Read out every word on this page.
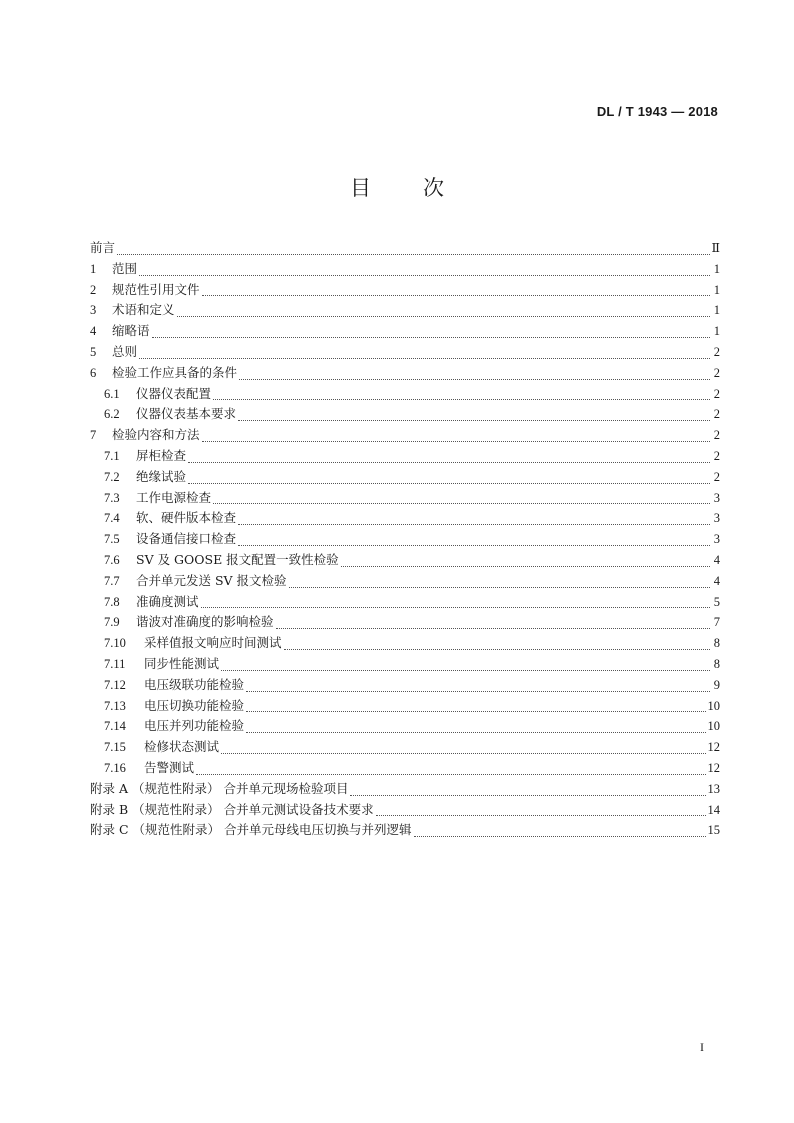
DL / T 1943 — 2018
目 次
前言	Ⅱ
1	范围	1
2	规范性引用文件	1
3	术语和定义	1
4	缩略语	1
5	总则	2
6	检验工作应具备的条件	2
6.1	仪器仪表配置	2
6.2	仪器仪表基本要求	2
7	检验内容和方法	2
7.1	屏柜检查	2
7.2	绝缘试验	2
7.3	工作电源检查	3
7.4	软、硬件版本检查	3
7.5	设备通信接口检查	3
7.6	SV 及 GOOSE 报文配置一致性检验	4
7.7	合并单元发送 SV 报文检验	4
7.8	准确度测试	5
7.9	谐波对准确度的影响检验	7
7.10	采样值报文响应时间测试	8
7.11	同步性能测试	8
7.12	电压级联功能检验	9
7.13	电压切换功能检验	10
7.14	电压并列功能检验	10
7.15	检修状态测试	12
7.16	告警测试	12
附录 A （规范性附录） 合并单元现场检验项目	13
附录 B （规范性附录） 合并单元测试设备技术要求	14
附录 C （规范性附录） 合并单元母线电压切换与并列逻辑	15
I
